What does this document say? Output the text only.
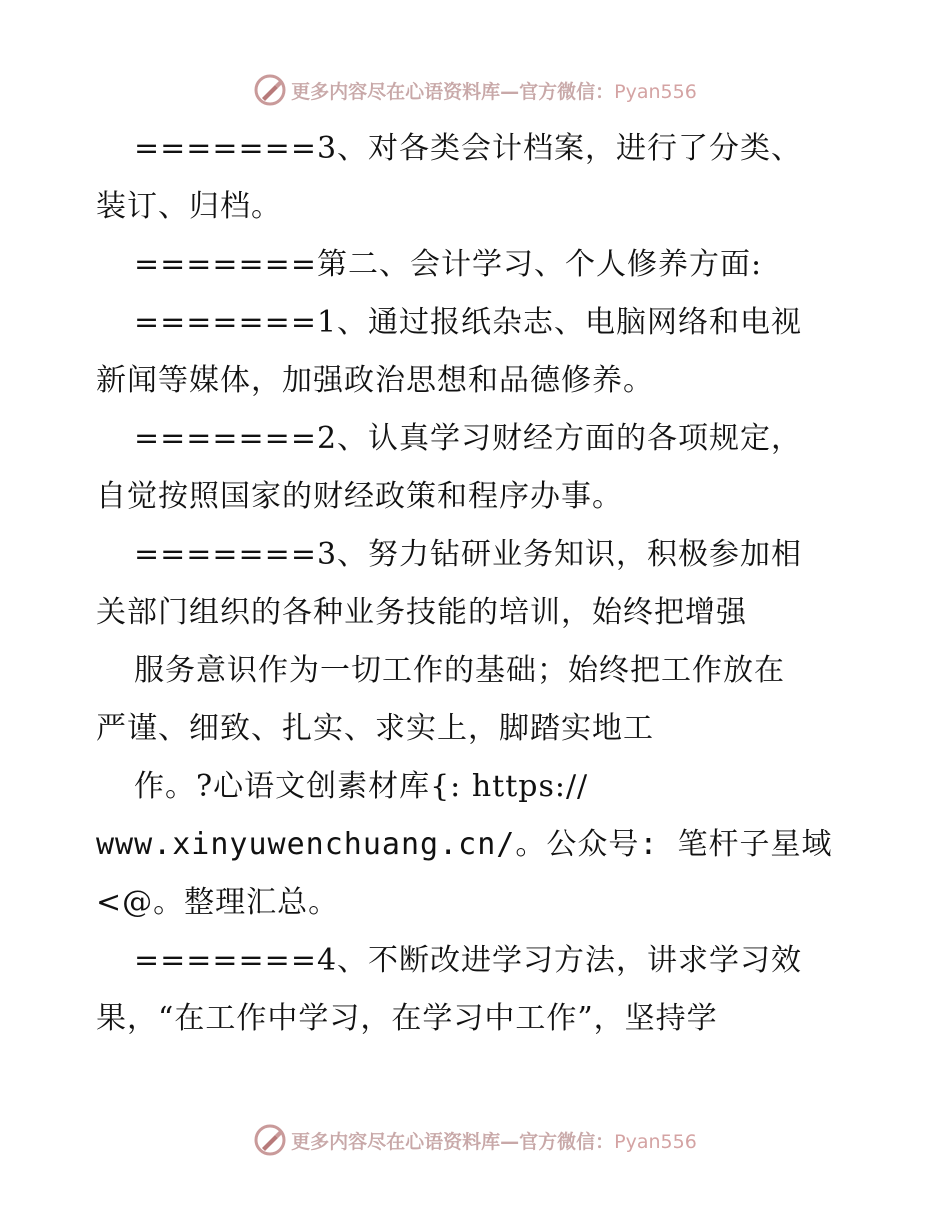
更多内容尽在心语资料库—官方微信：Pyan556
=======3、对各类会计档案，进行了分类、
装订、归档。
=======第二、会计学习、个人修养方面:
=======1、通过报纸杂志、电脑网络和电视
新闻等媒体，加强政治思想和品德修养。
=======2、认真学习财经方面的各项规定，
自觉按照国家的财经政策和程序办事。
=======3、努力钻研业务知识，积极参加相
关部门组织的各种业务技能的培训，始终把增强
服务意识作为一切工作的基础；始终把工作放在
严谨、细致、扎实、求实上，脚踏实地工
作。?心语文创素材库{: https://
www.xinyuwenchuang.cn/。公众号: 笔杆子星域
<@。整理汇总。
=======4、不断改进学习方法，讲求学习效
果，“在工作中学习，在学习中工作”，坚持学
更多内容尽在心语资料库—官方微信：Pyan556
